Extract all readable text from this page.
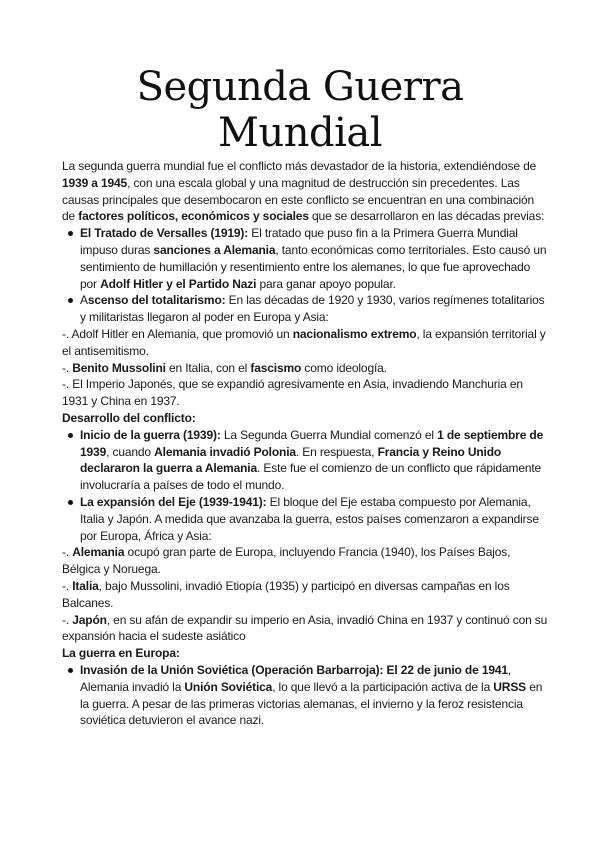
Segunda Guerra
Mundial

La segunda guerra mundial fue el conflicto más devastador de la historia, extendiéndose de 1939 a 1945, con una escala global y una magnitud de destrucción sin precedentes. Las causas principales que desembocaron en este conflicto se encuentran en una combinación de factores políticos, económicos y sociales que se desarrollaron en las décadas previas:

El Tratado de Versalles (1919): El tratado que puso fin a la Primera Guerra Mundial impuso duras sanciones a Alemania, tanto económicas como territoriales. Esto causó un sentimiento de humillación y resentimiento entre los alemanes, lo que fue aprovechado por Adolf Hitler y el Partido Nazi para ganar apoyo popular.
Ascenso del totalitarismo: En las décadas de 1920 y 1930, varios regímenes totalitarios y militaristas llegaron al poder en Europa y Asia:

-. Adolf Hitler en Alemania, que promovió un nacionalismo extremo, la expansión territorial y el antisemitismo.

-. Benito Mussolini en Italia, con el fascismo como ideología.

-. El Imperio Japonés, que se expandió agresivamente en Asia, invadiendo Manchuria en 1931 y China en 1937.

Desarrollo del conflicto:

Inicio de la guerra (1939): La Segunda Guerra Mundial comenzó el 1 de septiembre de 1939, cuando Alemania invadió Polonia. En respuesta, Francia y Reino Unido declararon la guerra a Alemania. Este fue el comienzo de un conflicto que rápidamente involucraría a países de todo el mundo.
La expansión del Eje (1939-1941): El bloque del Eje estaba compuesto por Alemania, Italia y Japón. A medida que avanzaba la guerra, estos países comenzaron a expandirse por Europa, África y Asia:

-. Alemania ocupó gran parte de Europa, incluyendo Francia (1940), los Países Bajos, Bélgica y Noruega.

-. Italia, bajo Mussolini, invadió Etiopía (1935) y participó en diversas campañas en los Balcanes.

-. Japón, en su afán de expandir su imperio en Asia, invadió China en 1937 y continuó con su expansión hacia el sudeste asiático

La guerra en Europa:

Invasión de la Unión Soviética (Operación Barbarroja): El 22 de junio de 1941, Alemania invadió la Unión Soviética, lo que llevó a la participación activa de la URSS en la guerra. A pesar de las primeras victorias alemanas, el invierno y la feroz resistencia soviética detuvieron el avance nazi.
